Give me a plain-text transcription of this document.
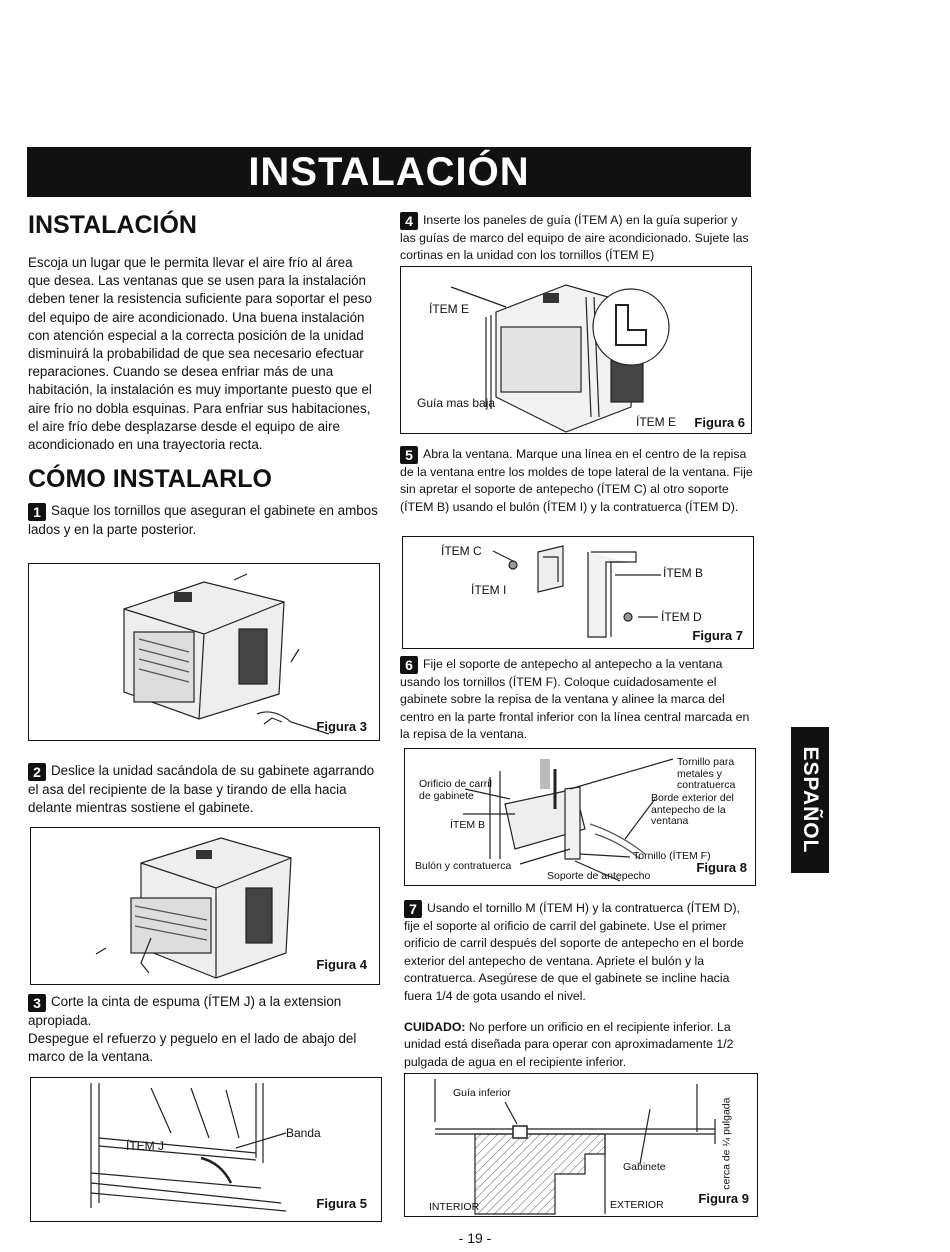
INSTALACIÓN
INSTALACIÓN

Escoja un lugar que le permita llevar el aire frío al área que desea. Las ventanas que se usen para la instalación deben tener la resistencia suficiente para soportar el peso del equipo de aire acondicionado. Una buena instalación con atención especial a la correcta posición de la unidad disminuirá la probabilidad de que sea necesario efectuar reparaciones. Cuando se desea enfriar más de una habitación, la instalación es muy importante puesto que el aire frío no dobla esquinas. Para enfriar sus habitaciones, el aire frío debe desplazarse desde el equipo de aire acondicionado en una trayectoria recta.

CÓMO INSTALARLO

1 Saque los tornillos que aseguran el gabinete en ambos lados y en la parte posterior.

Figura 3

2 Deslice la unidad sacándola de su gabinete agarrando el asa del recipiente de la base y tirando de ella hacia delante mientras sostiene el gabinete.

Figura 4

3 Corte la cinta de espuma (ÍTEM J) a la extension apropiada.

Despegue el refuerzo y peguelo en el lado de abajo del marco de la ventana.

ÍTEM J
Banda
Figura 5

4 Inserte los paneles de guía (ÍTEM A) en la guía superior y las guías de marco del equipo de aire acondicionado. Sujete las cortinas en la unidad con los tornillos (ÍTEM E)

ÍTEM E
Guía mas baja
ÍTEM E Figura 6

5 Abra la ventana. Marque una línea en el centro de la repisa de la ventana entre los moldes de tope lateral de la ventana. Fije sin apretar el soporte de antepecho (ÍTEM C) al otro soporte (ÍTEM B) usando el bulón (ÍTEM I) y la contratuerca (ÍTEM D).

ÍTEM C
ÍTEM I
ÍTEM B
ÍTEM D
Figura 7

6 Fije el soporte de antepecho al antepecho a la ventana usando los tornillos (ÍTEM F). Coloque cuidadosamente el gabinete sobre la repisa de la ventana y alinee la marca del centro en la parte frontal inferior con la línea central marcada en la repisa de la ventana.

Orificio de carril de gabinete
Tornillo para metales y contratuerca
Borde exterior del antepecho de la ventana
ÍTEM B
Tornillo (ÍTEM F)
Bulón y contratuerca
Soporte de antepecho
Figura 8

7 Usando el tornillo M (ÍTEM H) y la contratuerca (ÍTEM D), fije el soporte al orificio de carril del gabinete. Use el primer orificio de carril después del soporte de antepecho en el borde exterior del antepecho de ventana. Apriete el bulón y la contratuerca. Asegúrese de que el gabinete se incline hacia fuera 1/4 de gota usando el nivel.

CUIDADO: No perfore un orificio en el recipiente inferior. La unidad está diseñada para operar con aproximadamente 1/2 pulgada de agua en el recipiente inferior.

Guía inferior
Gabinete
INTERIOR	EXTERIOR
cerca de ¼ pulgada
Figura 9
ESPAÑOL
- 19 -
